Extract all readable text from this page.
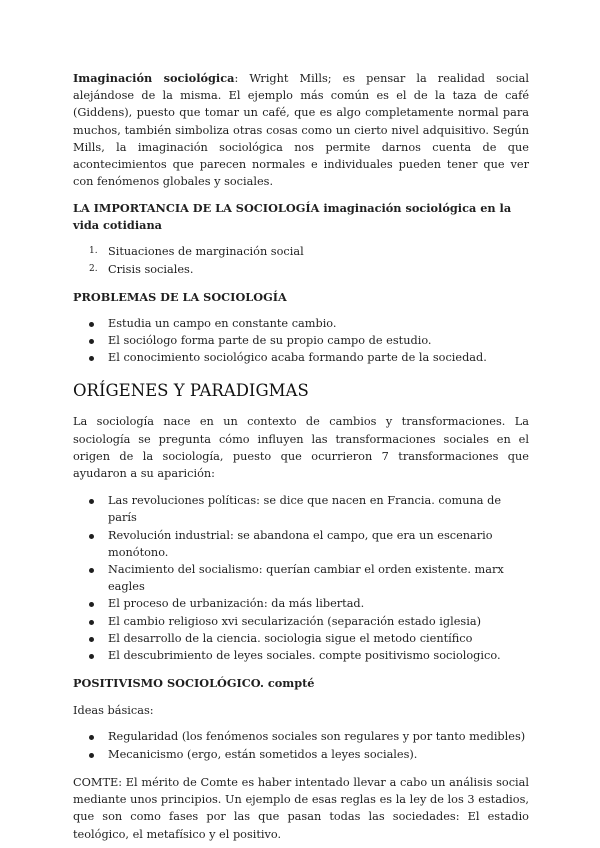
Imaginación sociológica: Wright Mills; es pensar la realidad social alejándose de la misma. El ejemplo más común es el de la taza de café (Giddens), puesto que tomar un café, que es algo completamente normal para muchos, también simboliza otras cosas como un cierto nivel adquisitivo. Según Mills, la imaginación sociológica nos permite darnos cuenta de que acontecimientos que parecen normales e individuales pueden tener que ver con fenómenos globales y sociales.

LA IMPORTANCIA DE LA SOCIOLOGÍA imaginación sociológica en la vida cotidiana
1. Situaciones de marginación social
2. Crisis sociales.
PROBLEMAS DE LA SOCIOLOGÍA
Estudia un campo en constante cambio.
El sociólogo forma parte de su propio campo de estudio.
El conocimiento sociológico acaba formando parte de la sociedad.
ORÍGENES Y PARADIGMAS

La sociología nace en un contexto de cambios y transformaciones. La sociología se pregunta cómo influyen las transformaciones sociales en el origen de la sociología, puesto que ocurrieron 7 transformaciones que ayudaron a su aparición:

Las revoluciones políticas: se dice que nacen en Francia. comuna de parís
Revolución industrial: se abandona el campo, que era un escenario monótono.
Nacimiento del socialismo: querían cambiar el orden existente. marx eagles
El proceso de urbanización: da más libertad.
El cambio religioso xvi secularización (separación estado iglesia)
El desarrollo de la ciencia. sociologia sigue el metodo científico
El descubrimiento de leyes sociales. compte positivismo sociologico.
POSITIVISMO SOCIOLÓGICO. compté

Ideas básicas:

Regularidad (los fenómenos sociales son regulares y por tanto medibles)
Mecanicismo (ergo, están sometidos a leyes sociales).

COMTE: El mérito de Comte es haber intentado llevar a cabo un análisis social mediante unos principios. Un ejemplo de esas reglas es la ley de los 3 estadios, que son como fases por las que pasan todas las sociedades: El estadio teológico, el metafísico y el positivo.
